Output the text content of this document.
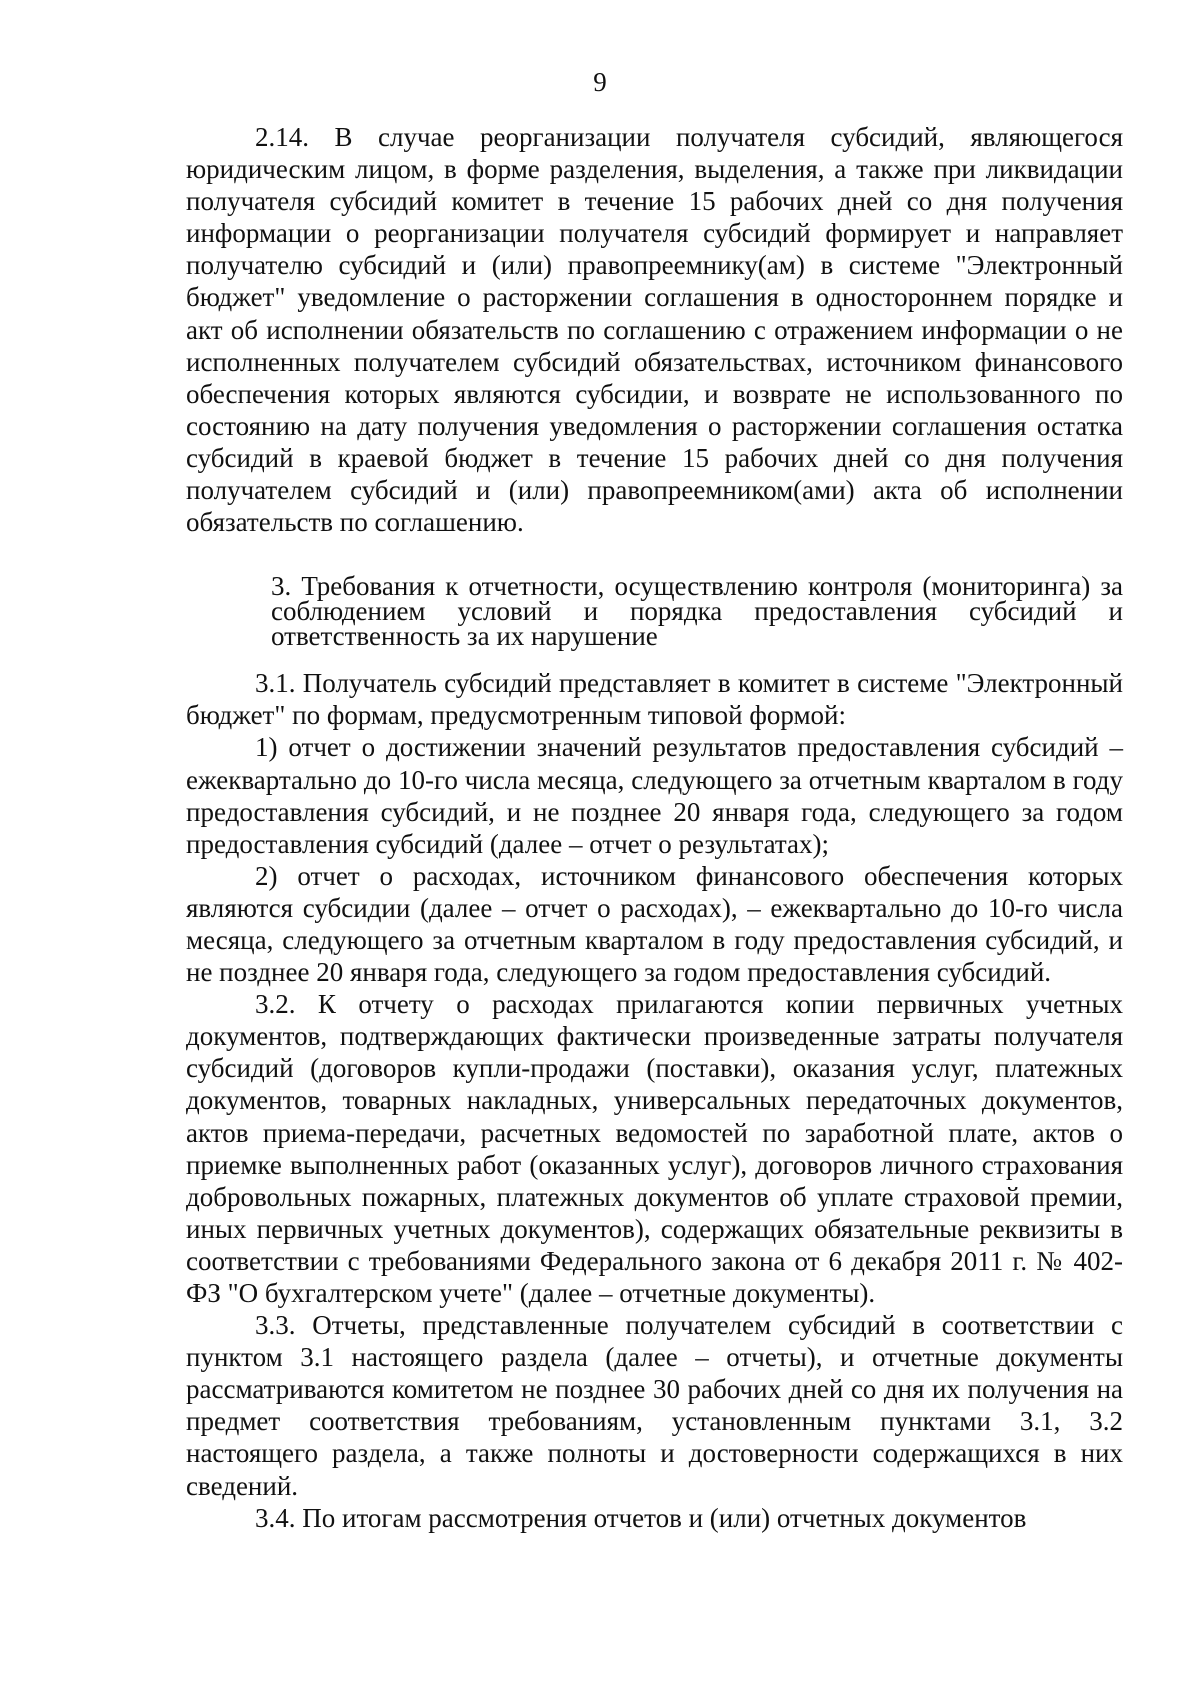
9

2.14. В случае реорганизации получателя субсидий, являющегося юридическим лицом, в форме разделения, выделения, а также при ликвидации получателя субсидий комитет в течение 15 рабочих дней со дня получения информации о реорганизации получателя субсидий формирует и направляет получателю субсидий и (или) правопреемнику(ам) в системе "Электронный бюджет" уведомление о расторжении соглашения в одностороннем порядке и акт об исполнении обязательств по соглашению с отражением информации о не исполненных получателем субсидий обязательствах, источником финансового обеспечения которых являются субсидии, и возврате не использованного по состоянию на дату получения уведомления о расторжении соглашения остатка субсидий в краевой бюджет в течение 15 рабочих дней со дня получения получателем субсидий и (или) правопреемником(ами) акта об исполнении обязательств по соглашению.

3. Требования к отчетности, осуществлению контроля (мониторинга) за соблюдением условий и порядка предоставления субсидий и ответственность за их нарушение

3.1. Получатель субсидий представляет в комитет в системе "Электронный бюджет" по формам, предусмотренным типовой формой:

1) отчет о достижении значений результатов предоставления субсидий – ежеквартально до 10-го числа месяца, следующего за отчетным кварталом в году предоставления субсидий, и не позднее 20 января года, следующего за годом предоставления субсидий (далее – отчет о результатах);

2) отчет о расходах, источником финансового обеспечения которых являются субсидии (далее – отчет о расходах), – ежеквартально до 10-го числа месяца, следующего за отчетным кварталом в году предоставления субсидий, и не позднее 20 января года, следующего за годом предоставления субсидий.

3.2. К отчету о расходах прилагаются копии первичных учетных документов, подтверждающих фактически произведенные затраты получателя субсидий (договоров купли-продажи (поставки), оказания услуг, платежных документов, товарных накладных, универсальных передаточных документов, актов приема-передачи, расчетных ведомостей по заработной плате, актов о приемке выполненных работ (оказанных услуг), договоров личного страхования добровольных пожарных, платежных документов об уплате страховой премии, иных первичных учетных документов), содержащих обязательные реквизиты в соответствии с требованиями Федерального закона от 6 декабря 2011 г. № 402-ФЗ "О бухгалтерском учете" (далее – отчетные документы).

3.3. Отчеты, представленные получателем субсидий в соответствии с пунктом 3.1 настоящего раздела (далее – отчеты), и отчетные документы рассматриваются комитетом не позднее 30 рабочих дней со дня их получения на предмет соответствия требованиям, установленным пунктами 3.1, 3.2 настоящего раздела, а также полноты и достоверности содержащихся в них сведений.

3.4. По итогам рассмотрения отчетов и (или) отчетных документов
